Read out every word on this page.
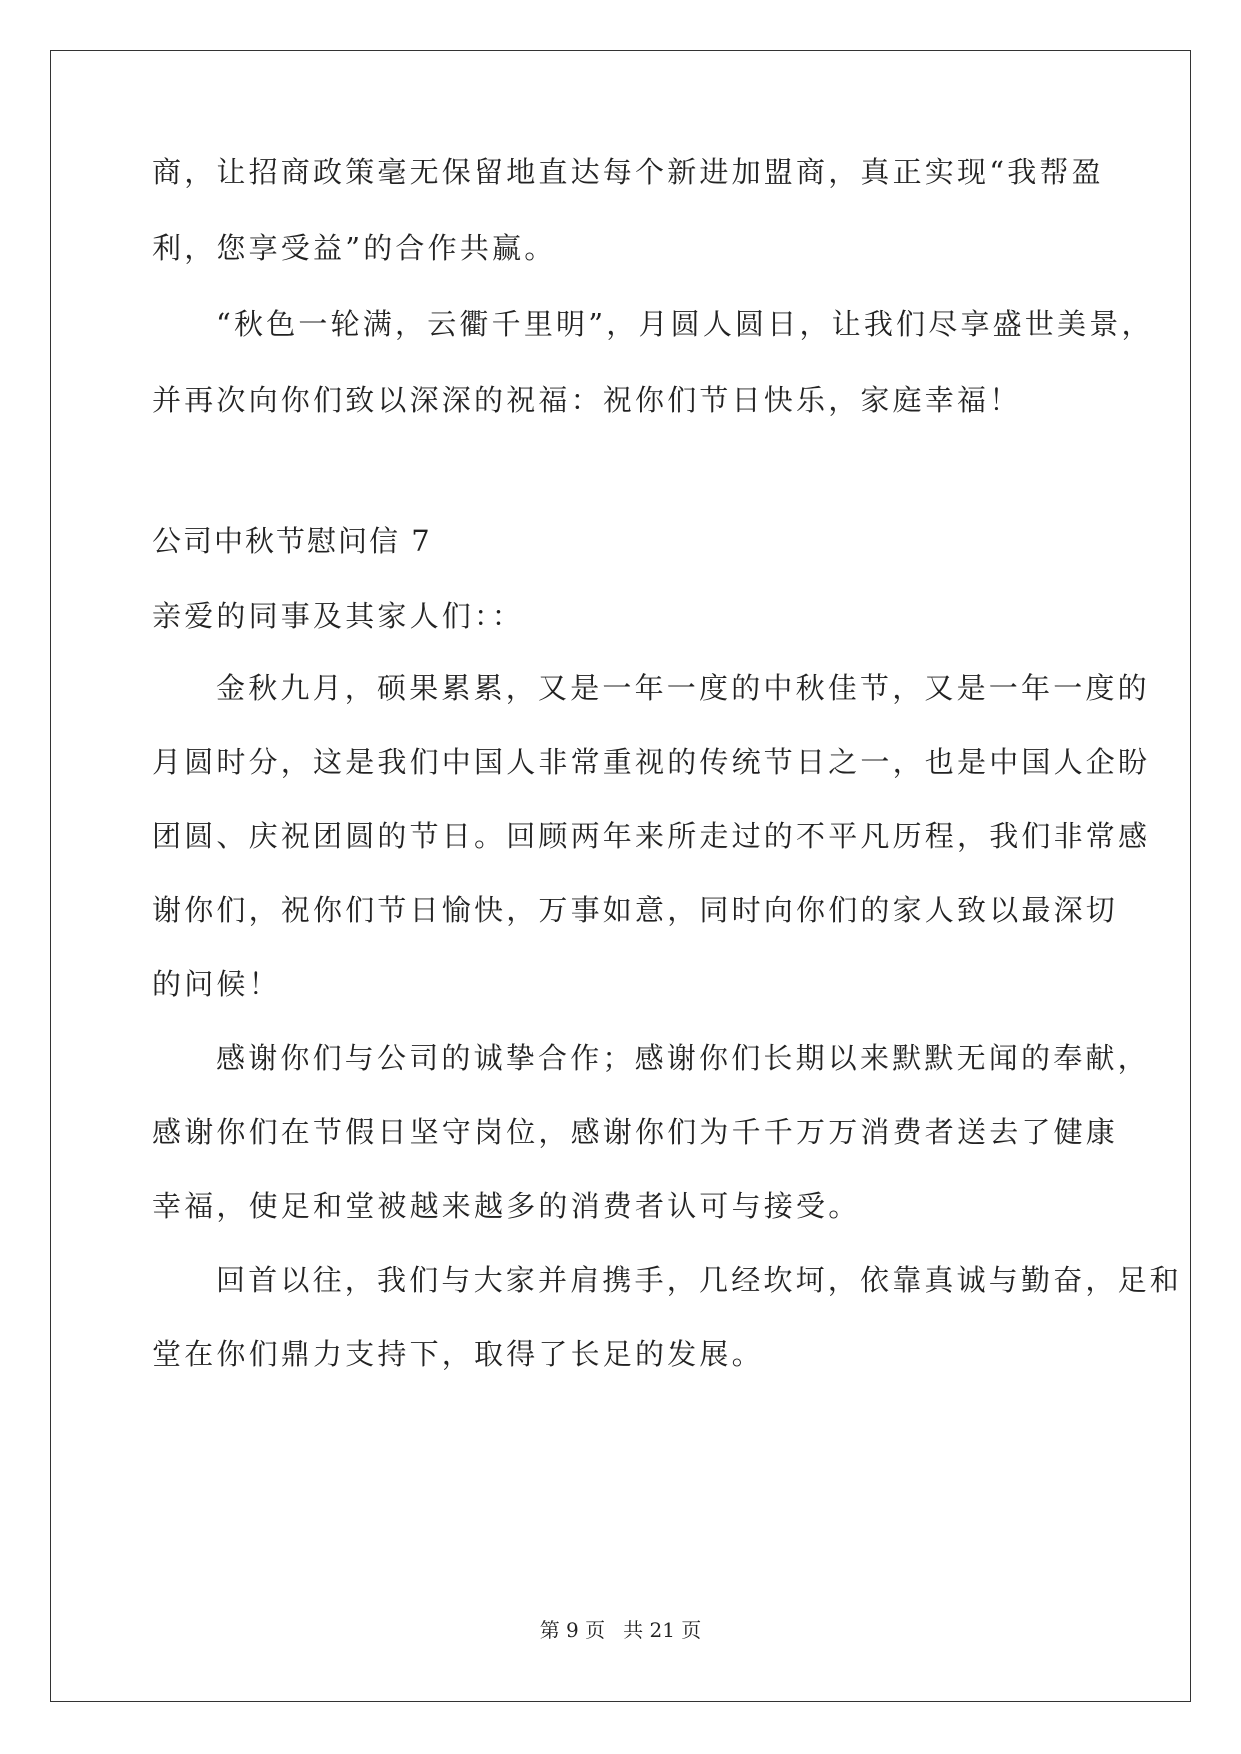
商，让招商政策毫无保留地直达每个新进加盟商，真正实现“我帮盈
利，您享受益”的合作共赢。
“秋色一轮满，云衢千里明”，月圆人圆日，让我们尽享盛世美景，
并再次向你们致以深深的祝福：祝你们节日快乐，家庭幸福！
公司中秋节慰问信 7
亲爱的同事及其家人们：：
金秋九月，硕果累累，又是一年一度的中秋佳节，又是一年一度的
月圆时分，这是我们中国人非常重视的传统节日之一，也是中国人企盼
团圆、庆祝团圆的节日。回顾两年来所走过的不平凡历程，我们非常感
谢你们，祝你们节日愉快，万事如意，同时向你们的家人致以最深切
的问候！
感谢你们与公司的诚挚合作；感谢你们长期以来默默无闻的奉献，
感谢你们在节假日坚守岗位，感谢你们为千千万万消费者送去了健康
幸福，使足和堂被越来越多的消费者认可与接受。
回首以往，我们与大家并肩携手，几经坎坷，依靠真诚与勤奋，足和
堂在你们鼎力支持下，取得了长足的发展。
第 9 页 共 21 页
